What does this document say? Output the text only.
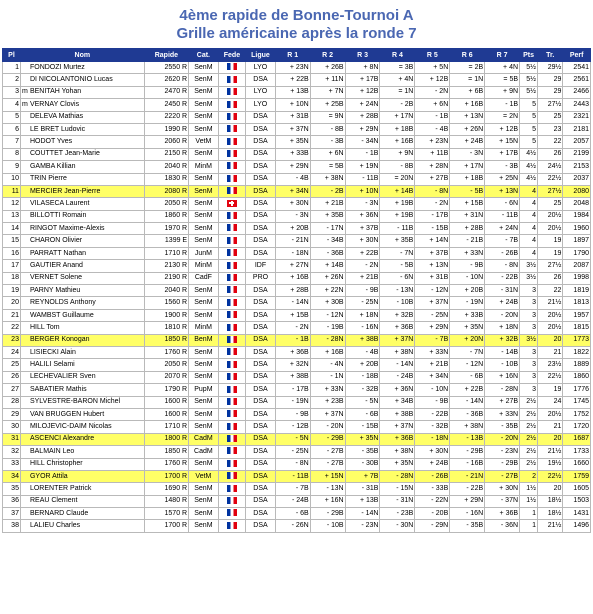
4ème rapide de Bonne-Tournoi A
Grille américaine après la ronde 7
Pl	Nom	Rapide	Cat.	Fede	Ligue	R 1	R 2	R 3	R 4	R 5	R 6	R 7	Pts	Tr.	Perf
1	FONDOZI Murtez	2550 R	SenM		LYO	+ 23N	+ 26B	+ 8N	= 3B	+ 5N	= 2B	+ 4N	5½	29½	2541
2	DI NICOLANTONIO Lucas	2620 R	SenM		DSA	+ 22B	+ 11N	+ 17B	+ 4N	+ 12B	= 1N	= 5B	5½	29	2561
3	m BENITAH Yohan	2470 R	SenM		LYO	+ 13B	+ 7N	+ 12B	= 1N	- 2N	+ 6B	+ 9N	5½	29	2466
4	m VERNAY Clovis	2450 R	SenM		LYO	+ 10N	+ 25B	+ 24N	- 2B	+ 6N	+ 16B	- 1B	5	27½	2443
5	DELEVA Mathias	2220 R	SenM		DSA	+ 31B	= 9N	+ 28B	+ 17N	- 1B	+ 13N	= 2N	5	25	2321
6	LE BRET Ludovic	1990 R	SenM		DSA	+ 37N	- 8B	+ 29N	+ 18B	- 4B	+ 26N	+ 12B	5	23	2181
7	HODOT Yves	2060 R	VetM		DSA	+ 35N	- 3B	- 34N	+ 16B	+ 23N	+ 24B	+ 15N	5	22	2057
8	COUTTET Jean-Marie	2150 R	SenM		DSA	+ 33B	+ 6N	- 1B	+ 9N	+ 11B	- 3N	+ 17B	4½	26	2199
9	GAMBA Killian	2040 R	MinM		DSA	+ 29N	= 5B	+ 19N	- 8B	+ 28N	+ 17N	- 3B	4½	24½	2153
10	TRIN Pierre	1830 R	SenM		DSA	- 4B	+ 38N	- 11B	= 20N	+ 27B	+ 18B	+ 25N	4½	22½	2037
11	MERCIER Jean-Pierre	2080 R	SenM		DSA	+ 34N	- 2B	+ 10N	+ 14B	- 8N	- 5B	+ 13N	4	27½	2080
12	VILASECA Laurent	2050 R	SenM		DSA	+ 30N	+ 21B	- 3N	+ 19B	- 2N	+ 15B	- 6N	4	25	2048
13	BILLOTTI Romain	1860 R	SenM		DSA	- 3N	+ 35B	+ 36N	+ 19B	- 17B	+ 31N	- 11B	4	20½	1984
14	RINGOT Maxime-Alexis	1970 R	SenM		DSA	+ 20B	- 17N	+ 37B	- 11B	- 15B	+ 28B	+ 24N	4	20½	1960
15	CHARON Olivier	1399 E	SenM		DSA	- 21N	- 34B	+ 30N	+ 35B	+ 14N	- 21B	- 7B	4	19	1897
16	PARRATT Nathan	1710 R	JunM		DSA	- 18N	- 36B	+ 22B	- 7N	+ 37B	+ 33N	- 26B	4	19	1790
17	GAUTIER Anand	2130 R	MinM		IDF	+ 27N	+ 14B	- 2N	- 5B	+ 13N	- 9B	- 8N	3½	27½	2087
18	VERNET Solene	2190 R	CadF		PRO	+ 16B	+ 26N	+ 21B	- 6N	+ 31B	- 10N	- 22B	3½	26	1998
19	PARNY Mathieu	2040 R	SenM		DSA	+ 28B	+ 22N	- 9B	- 13N	- 12N	+ 20B	- 31N	3	22	1819
20	REYNOLDS Anthony	1560 R	SenM		DSA	- 14N	+ 30B	- 25N	- 10B	+ 37N	- 19N	+ 24B	3	21½	1813
21	WAMBST Guillaume	1900 R	SenM		DSA	+ 15B	- 12N	+ 18N	+ 32B	- 25N	+ 33B	- 20N	3	20½	1957
22	HILL Tom	1810 R	MinM		DSA	- 2N	- 19B	- 16N	+ 36B	+ 29N	+ 35N	+ 18N	3	20½	1815
23	BERGER Konogan	1850 R	BenM		DSA	- 1B	- 28N	+ 38B	+ 37N	- 7B	+ 20N	+ 32B	3½	20	1773
24	LISIECKI Alain	1760 R	SenM		DSA	+ 36B	+ 16B	- 4B	+ 38N	+ 33N	- 7N	- 14B	3	21	1822
25	HALILI Selami	2050 R	SenM		DSA	+ 32N	- 4N	+ 20B	- 14N	+ 21B	- 12N	- 10B	3	23½	1889
26	LECHEVALIER Sven	2070 R	SenM		DSA	+ 38B	- 1N	- 18B	- 24B	+ 34N	- 6B	+ 16N	3	22½	1860
27	SABATIER Mathis	1790 R	PupM		DSA	- 17B	+ 33N	- 32B	+ 36N	- 10N	+ 22B	- 28N	3	19	1776
28	SYLVESTRE-BARON Michel	1600 R	SenM		DSA	- 19N	+ 23B	- 5N	+ 34B	- 9B	- 14N	+ 27B	2½	24	1745
29	VAN BRUGGEN Hubert	1600 R	SenM		DSA	- 9B	+ 37N	- 6B	+ 38B	- 22B	- 36B	+ 33N	2½	20½	1752
30	MILOJEVIC-DAIM Nicolas	1710 R	SenM		DSA	- 12B	- 20N	- 15B	+ 37N	- 32B	+ 38N	- 35B	2½	21	1720
31	ASCENCI Alexandre	1800 R	CadM		DSA	- 5N	- 29B	+ 35N	+ 36B	- 18N	- 13B	- 20N	2½	20	1687
32	BALMAIN Leo	1850 R	CadM		DSA	- 25N	- 27B	- 35B	+ 38N	+ 30N	- 29B	- 23N	2½	21½	1733
33	HILL Christopher	1760 R	SenM		DSA	- 8N	- 27B	- 30B	+ 35N	+ 24B	- 16B	- 29B	2½	19½	1660
34	GYOR Attila	1700 R	VetM		DSA	- 11B	+ 15N	+ 7B	- 28N	- 26B	- 21N	- 27B	2	22½	1759
35	LORENTER Patrick	1690 R	SenM		DSA	- 7B	- 13N	- 31B	- 15N	- 33B	- 22B	+ 30N	1½	20	1605
36	REAU Clement	1480 R	SenM		DSA	- 24B	+ 16N	+ 13B	- 31N	- 22N	+ 29N	- 37N	1½	18½	1503
37	BERNARD Claude	1570 R	SenM		DSA	- 6B	- 29B	- 14N	- 23B	- 20B	- 16N	+ 36B	1	18½	1431
38	LALIEU Charles	1700 R	SenM		DSA	- 26N	- 10B	- 23N	- 30N	- 29N	- 35B	- 36N	1	21½	1496
